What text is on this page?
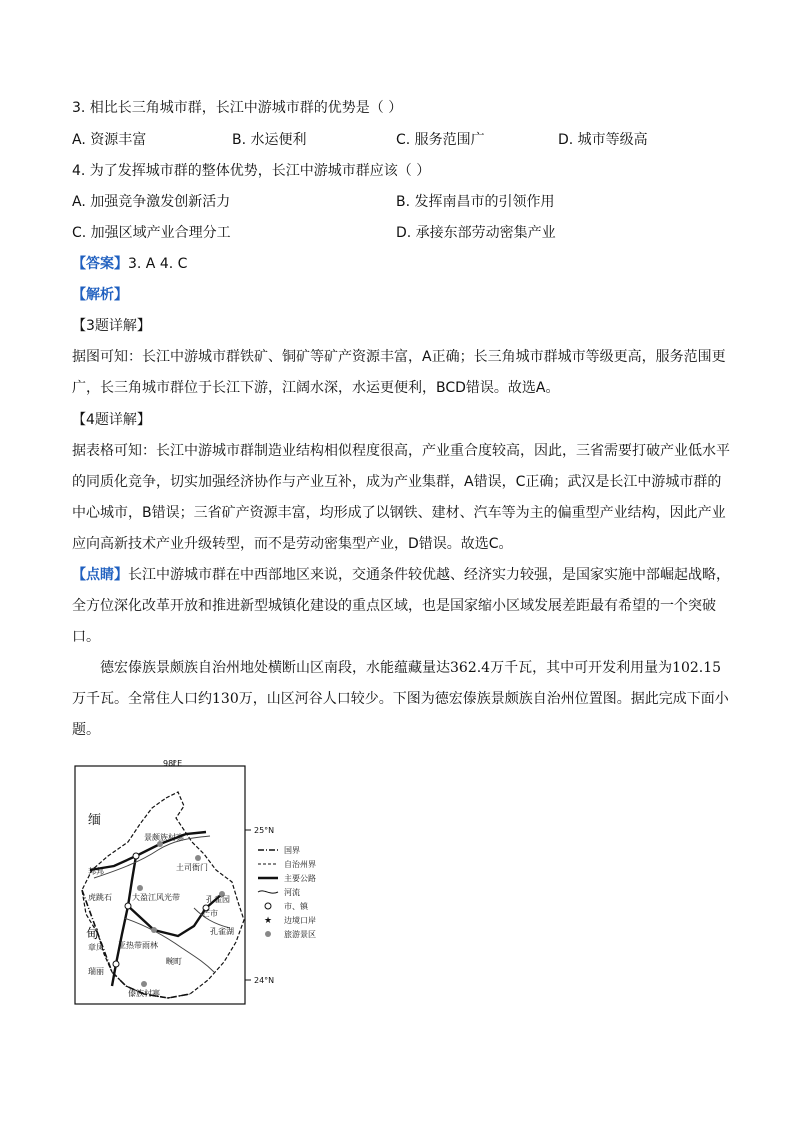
3. 相比长三角城市群，长江中游城市群的优势是（ ）
A. 资源丰富	B. 水运便利	C. 服务范围广	D. 城市等级高
4. 为了发挥城市群的整体优势，长江中游城市群应该（ ）
A. 加强竞争激发创新活力	B. 发挥南昌市的引领作用
C. 加强区域产业合理分工	D. 承接东部劳动密集产业
【答案】3. A 4. C
【解析】
【3题详解】
据图可知：长江中游城市群铁矿、铜矿等矿产资源丰富，A正确；长三角城市群城市等级更高，服务范围更广，长三角城市群位于长江下游，江阔水深，水运更便利，BCD错误。故选A。
【4题详解】
据表格可知：长江中游城市群制造业结构相似程度很高，产业重合度较高，因此，三省需要打破产业低水平的同质化竞争，切实加强经济协作与产业互补，成为产业集群，A错误，C正确；武汉是长江中游城市群的中心城市，B错误；三省矿产资源丰富，均形成了以钢铁、建材、汽车等为主的偏重型产业结构，因此产业应向高新技术产业升级转型，而不是劳动密集型产业，D错误。故选C。
【点睛】长江中游城市群在中西部地区来说，交通条件较优越、经济实力较强，是国家实施中部崛起战略，全方位深化改革开放和推进新型城镇化建设的重点区域，也是国家缩小区域发展差距最有希望的一个突破口。
德宏傣族景颇族自治州地处横断山区南段，水能蕴藏量达362.4万千瓦，其中可开发利用量为102.15万千瓦。全常住人口约130万，山区河谷人口较少。下图为德宏傣族景颇族自治州位置图。据此完成下面小题。
98°E
25°N
24°N
缅
甸
景颇族村寨
土司衙门
邦邦
虎跳石	大盈江风光带
芒市
孔雀湖
章凤
瑞丽
畹町
傣族村寨
孔雀园
亚热带雨林
国界
自治州界
主要公路
河流
市、镇
★ 边境口岸
旅游景区
